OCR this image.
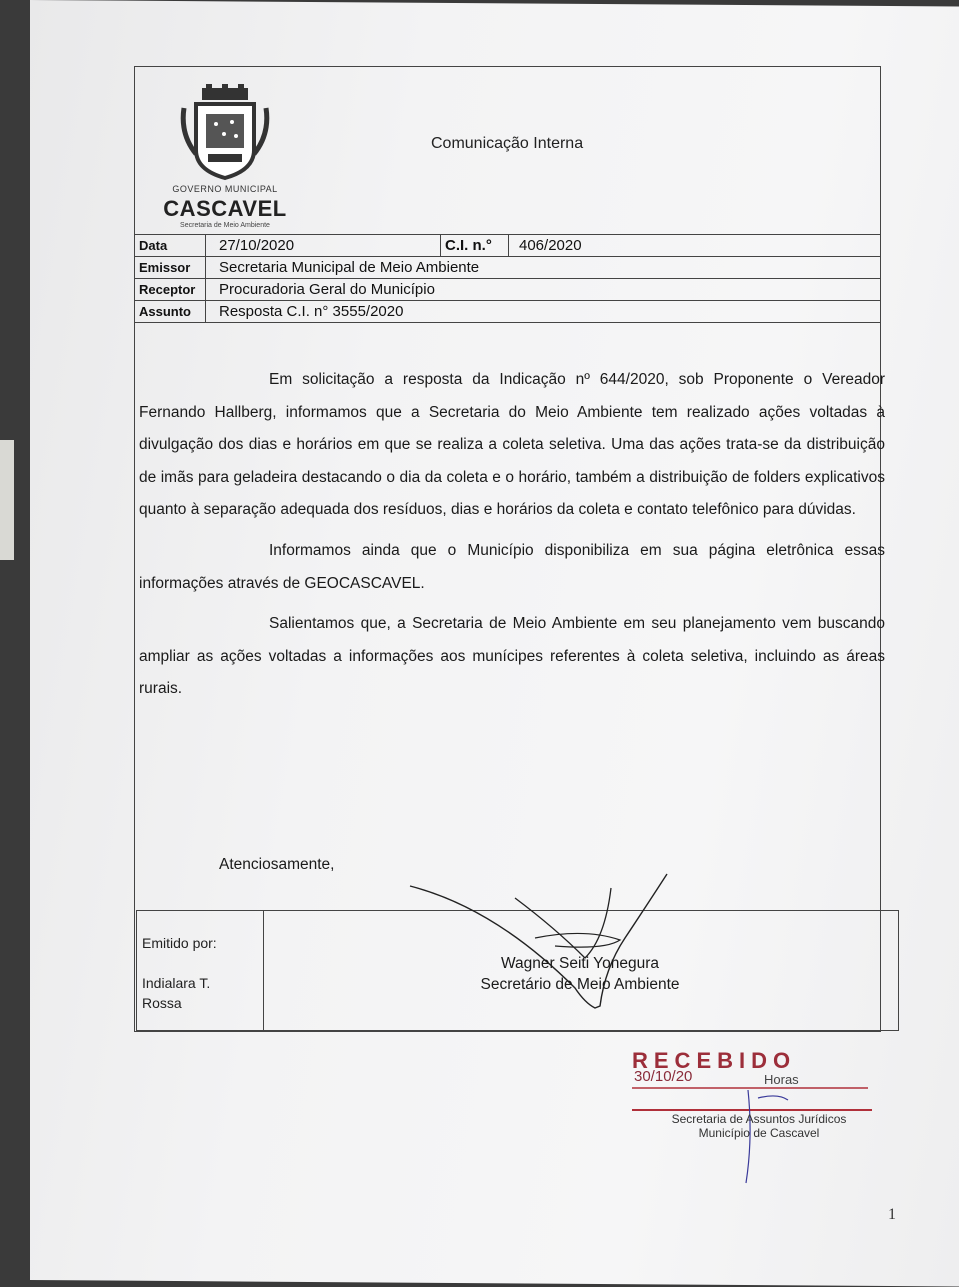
GOVERNO MUNICIPAL
CASCAVEL
Secretaria de Meio Ambiente
Comunicação Interna
Data	27/10/2020	C.I. n.°	406/2020
Emissor	Secretaria Municipal de Meio Ambiente
Receptor	Procuradoria Geral do Município
Assunto	Resposta C.I. n° 3555/2020

Em solicitação a resposta da Indicação nº 644/2020, sob Proponente o Vereador Fernando Hallberg, informamos que a Secretaria do Meio Ambiente tem realizado ações voltadas à divulgação dos dias e horários em que se realiza a coleta seletiva. Uma das ações trata-se da distribuição de imãs para geladeira destacando o dia da coleta e o horário, também a distribuição de folders explicativos quanto à separação adequada dos resíduos, dias e horários da coleta e contato telefônico para dúvidas.

Informamos ainda que o Município disponibiliza em sua página eletrônica essas informações através de GEOCASCAVEL.

Salientamos que, a Secretaria de Meio Ambiente em seu planejamento vem buscando ampliar as ações voltadas a informações aos munícipes referentes à coleta seletiva, incluindo as áreas rurais.

Atenciosamente,
Emitido por:
Indialara T. Rossa
Wagner Seiti Yonegura
Secretário de Meio Ambiente
RECEBIDO
30/10/20	Horas
Secretaria de Assuntos Jurídicos
Município de Cascavel
1
